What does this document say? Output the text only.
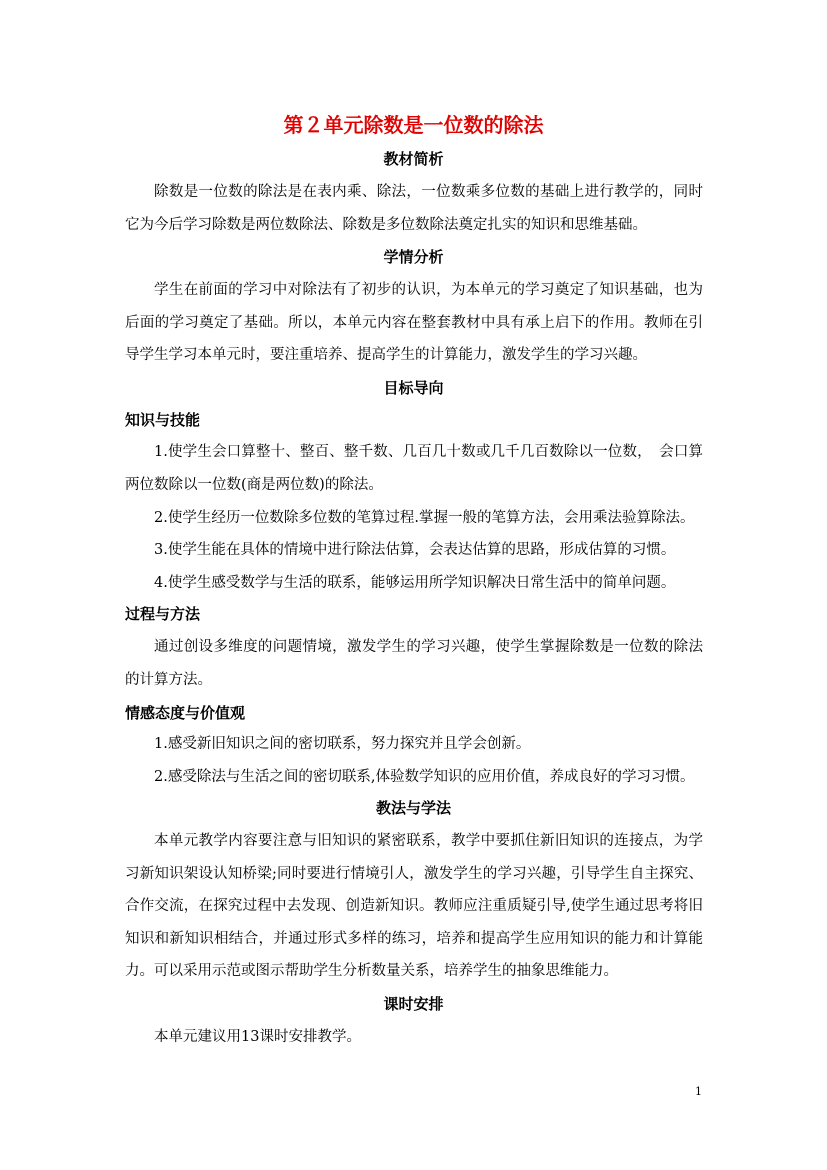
第２单元除数是一位数的除法
教材简析
除数是一位数的除法是在表内乘、除法，一位数乘多位数的基础上进行教学的，同时它为今后学习除数是两位数除法、除数是多位数除法奠定扎实的知识和思维基础。
学情分析
学生在前面的学习中对除法有了初步的认识，为本单元的学习奠定了知识基础，也为后面的学习奠定了基础。所以，本单元内容在整套教材中具有承上启下的作用。教师在引导学生学习本单元时，要注重培养、提高学生的计算能力，激发学生的学习兴趣。
目标导向
知识与技能
1.使学生会口算整十、整百、整千数、几百几十数或几千几百数除以一位数，　会口算两位数除以一位数(商是两位数)的除法。
2.使学生经历一位数除多位数的笔算过程.掌握一般的笔算方法，会用乘法验算除法。
3.使学生能在具体的情境中进行除法估算，会表达估算的思路，形成估算的习惯。
4.使学生感受数学与生活的联系，能够运用所学知识解决日常生活中的简单问题。
过程与方法
通过创设多维度的问题情境，激发学生的学习兴趣，使学生掌握除数是一位数的除法的计算方法。
情感态度与价值观
1.感受新旧知识之间的密切联系，努力探究并且学会创新。
2.感受除法与生活之间的密切联系,体验数学知识的应用价值，养成良好的学习习惯。
教法与学法
本单元教学内容要注意与旧知识的紧密联系，教学中要抓住新旧知识的连接点，为学习新知识架设认知桥梁;同时要进行情境引人，激发学生的学习兴趣，引导学生自主探究、合作交流，在探究过程中去发现、创造新知识。教师应注重质疑引导,使学生通过思考将旧知识和新知识相结合，并通过形式多样的练习，培养和提高学生应用知识的能力和计算能力。可以采用示范或图示帮助学生分析数量关系，培养学生的抽象思维能力。
课时安排
本单元建议用13课时安排教学。
1
